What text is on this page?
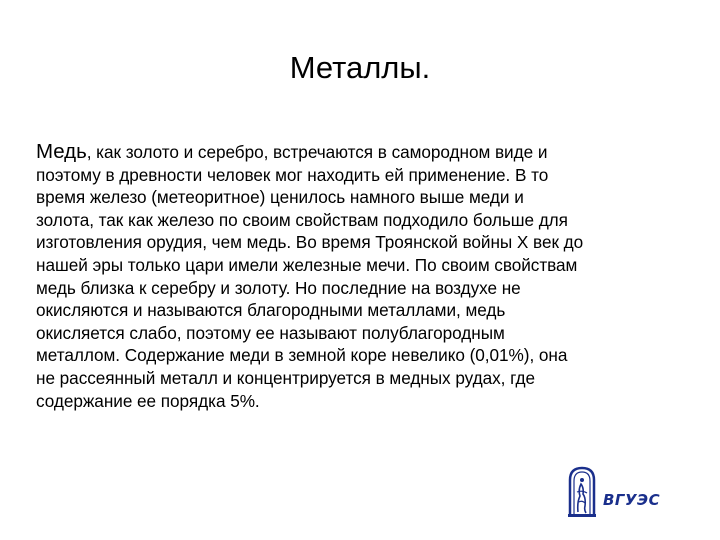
Металлы.

Медь, как золото и серебро, встречаются в самородном виде и
поэтому в древности человек мог находить ей применение. В то
время железо (метеоритное) ценилось намного выше меди и
золота, так как железо по своим свойствам подходило больше для
изготовления орудия, чем медь. Во время Троянской войны X век до
нашей эры только цари имели железные мечи. По своим свойствам
медь близка к серебру и золоту. Но последние на воздухе не
окисляются и называются благородными металлами, медь
окисляется слабо, поэтому ее называют полублагородным
металлом. Содержание меди в земной коре невелико (0,01%), она
не рассеянный металл и концентрируется в медных рудах, где
содержание ее порядка 5%.

ВГУЭС
